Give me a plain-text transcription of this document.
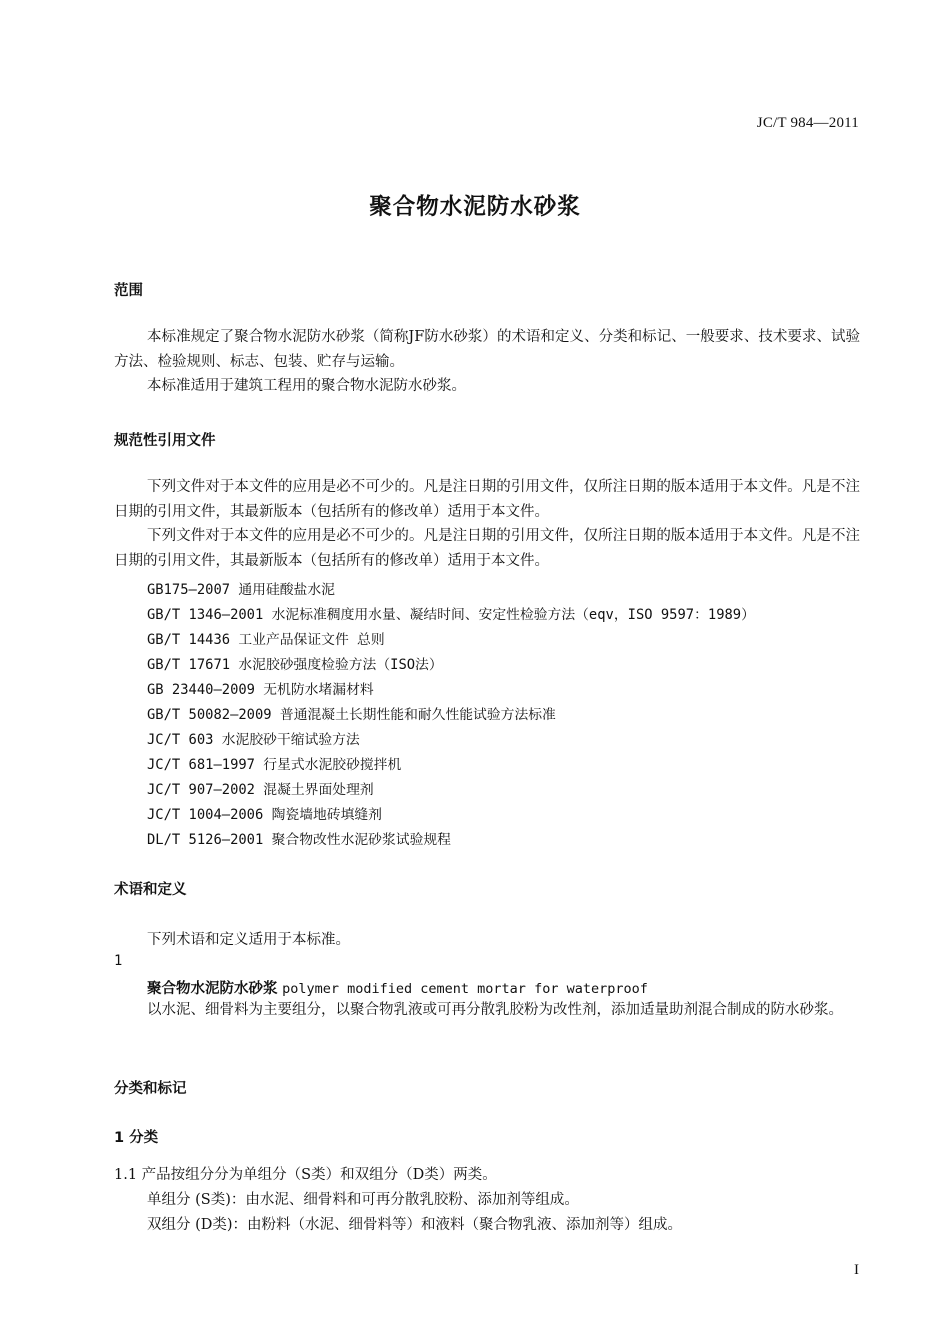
JC/T 984—2011
聚合物水泥防水砂浆
范围
本标准规定了聚合物水泥防水砂浆（简称JF防水砂浆）的术语和定义、分类和标记、一般要求、技术要求、试验方法、检验规则、标志、包装、贮存与运输。
本标准适用于建筑工程用的聚合物水泥防水砂浆。
规范性引用文件
下列文件对于本文件的应用是必不可少的。凡是注日期的引用文件，仅所注日期的版本适用于本文件。凡是不注日期的引用文件，其最新版本（包括所有的修改单）适用于本文件。
下列文件对于本文件的应用是必不可少的。凡是注日期的引用文件，仅所注日期的版本适用于本文件。凡是不注日期的引用文件，其最新版本（包括所有的修改单）适用于本文件。
GB175—2007 通用硅酸盐水泥
GB/T 1346—2001 水泥标准稠度用水量、凝结时间、安定性检验方法（eqv，ISO 9597：1989）
GB/T 14436 工业产品保证文件 总则
GB/T 17671 水泥胶砂强度检验方法（ISO法）
GB 23440—2009 无机防水堵漏材料
GB/T 50082—2009 普通混凝土长期性能和耐久性能试验方法标准
JC/T 603 水泥胶砂干缩试验方法
JC/T 681—1997 行星式水泥胶砂搅拌机
JC/T 907—2002 混凝土界面处理剂
JC/T 1004—2006 陶瓷墙地砖填缝剂
DL/T 5126—2001 聚合物改性水泥砂浆试验规程
术语和定义
下列术语和定义适用于本标准。
1
聚合物水泥防水砂浆 polymer modified cement mortar for waterproof
以水泥、细骨料为主要组分，以聚合物乳液或可再分散乳胶粉为改性剂，添加适量助剂混合制成的防水砂浆。
分类和标记
1 分类
1.1 产品按组分分为单组分（S类）和双组分（D类）两类。
单组分 (S类)：由水泥、细骨料和可再分散乳胶粉、添加剂等组成。
双组分 (D类)：由粉料（水泥、细骨料等）和液料（聚合物乳液、添加剂等）组成。
I
